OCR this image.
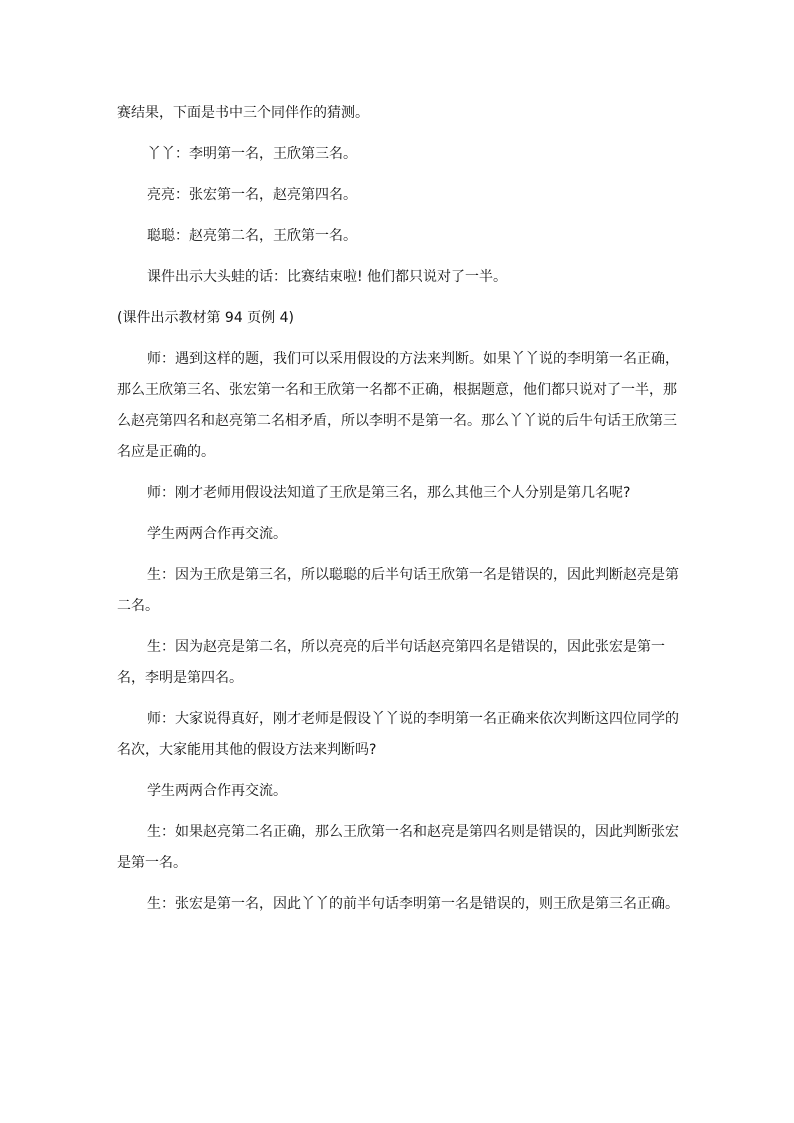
赛结果，下面是书中三个同伴作的猜测。

丫丫：李明第一名，王欣第三名。

亮亮：张宏第一名，赵亮第四名。

聪聪：赵亮第二名，王欣第一名。

课件出示大头蛙的话：比赛结束啦! 他们都只说对了一半。

(课件出示教材第 94 页例 4)

师：遇到这样的题，我们可以采用假设的方法来判断。如果丫丫说的李明第一名正确，那么王欣第三名、张宏第一名和王欣第一名都不正确，根据题意，他们都只说对了一半，那么赵亮第四名和赵亮第二名相矛盾，所以李明不是第一名。那么丫丫说的后牛句话王欣第三名应是正确的。

师：刚才老师用假设法知道了王欣是第三名，那么其他三个人分别是第几名呢?

学生两两合作再交流。

生：因为王欣是第三名，所以聪聪的后半句话王欣第一名是错误的，因此判断赵亮是第二名。

生：因为赵亮是第二名，所以亮亮的后半句话赵亮第四名是错误的，因此张宏是第一名，李明是第四名。

师：大家说得真好，刚才老师是假设丫丫说的李明第一名正确来依次判断这四位同学的名次，大家能用其他的假设方法来判断吗?

学生两两合作再交流。

生：如果赵亮第二名正确，那么王欣第一名和赵亮是第四名则是错误的，因此判断张宏是第一名。

生：张宏是第一名，因此丫丫的前半句话李明第一名是错误的，则王欣是第三名正确。
